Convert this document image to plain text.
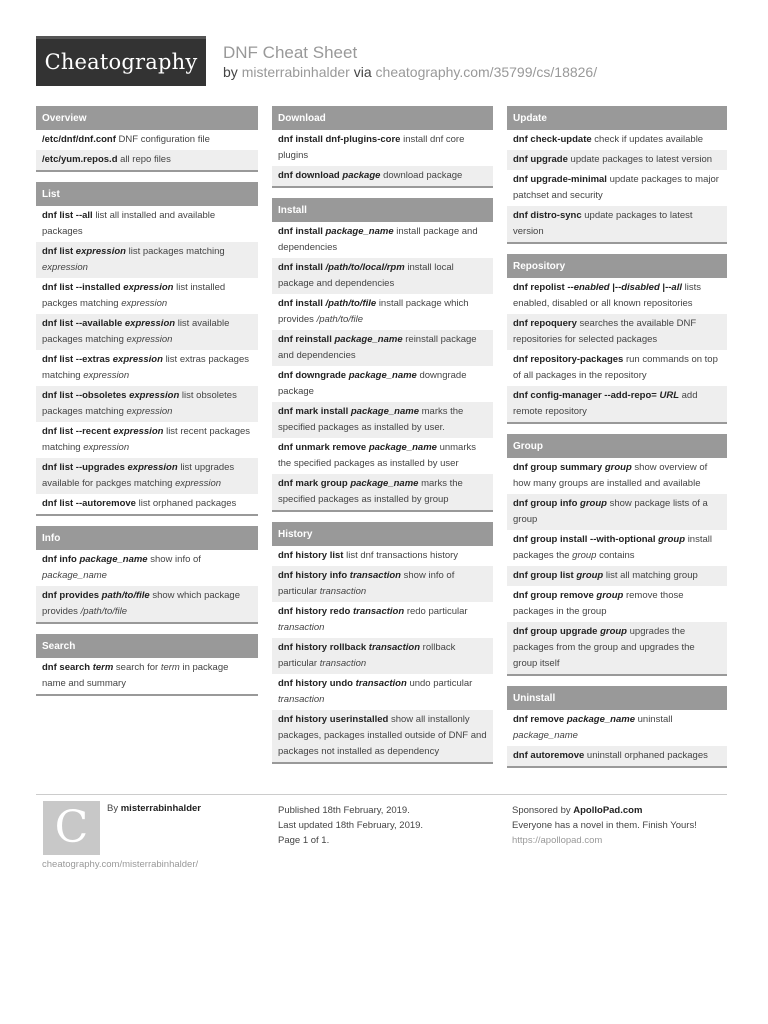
Cheatography	DNF Cheat Sheet
by misterrabinhalder via cheatography.com/35799/cs/18826/
Overview
/etc/dnf/dnf.conf DNF configuration file
/etc/yum.repos.d all repo files
List
dnf list --all list all installed and available packages
dnf list expression list packages matching expression
dnf list --installed expression list installed packges matching expression
dnf list --available expression list available packages matching expression
dnf list --extras expression list extras packages matching expression
dnf list --obsoletes expression list obsoletes packages matching expression
dnf list --recent expression list recent packages matching expression
dnf list --upgrades expression list upgrades available for packges matching expression
dnf list --autoremove list orphaned packages
Info
dnf info package_name show info of package_name
dnf provides path/to/file show which package provides /path/to/file
Search
dnf search term search for term in package name and summary
Download
dnf install dnf-plugins-core install dnf core plugins
dnf download package download package
Install
dnf install package_name install package and dependencies
dnf install /path/to/local/rpm install local package and dependencies
dnf install /path/to/file install package which provides /path/to/file
dnf reinstall package_name reinstall package and dependencies
dnf downgrade package_name downgrade package
dnf mark install package_name marks the specified packages as installed by user.
dnf unmark remove package_name unmarks the specified packages as installed by user
dnf mark group package_name marks the specified packages as installed by group
History
dnf history list list dnf transactions history
dnf history info transaction show info of particular transaction
dnf history redo transaction redo particular transaction
dnf history rollback transaction rollback particular transaction
dnf history undo transaction undo particular transaction
dnf history userinstalled show all installonly packages, packages installed outside of DNF and packages not installed as dependency
Update
dnf check-update check if updates available
dnf upgrade update packages to latest version
dnf upgrade-minimal update packages to major patchset and security
dnf distro-sync update packages to latest version
Repository
dnf repolist --enabled |--disabled |--all lists enabled, disabled or all known repositories
dnf repoquery searches the available DNF repositories for selected packages
dnf repository-packages run commands on top of all packages in the repository
dnf config-manager --add-repo= URL add remote repository
Group
dnf group summary group show overview of how many groups are installed and available
dnf group info group show package lists of a group
dnf group install --with-optional group install packages the group contains
dnf group list group list all matching group
dnf group remove group remove those packages in the group
dnf group upgrade group upgrades the packages from the group and upgrades the group itself
Uninstall
dnf remove package_name uninstall package_name
dnf autoremove uninstall orphaned packages
C	By misterrabinhalder
cheatography.com/misterrabinhalder/
Published 18th February, 2019.
Last updated 18th February, 2019.
Page 1 of 1.
Sponsored by ApolloPad.com
Everyone has a novel in them. Finish Yours!
https://apollopad.com
